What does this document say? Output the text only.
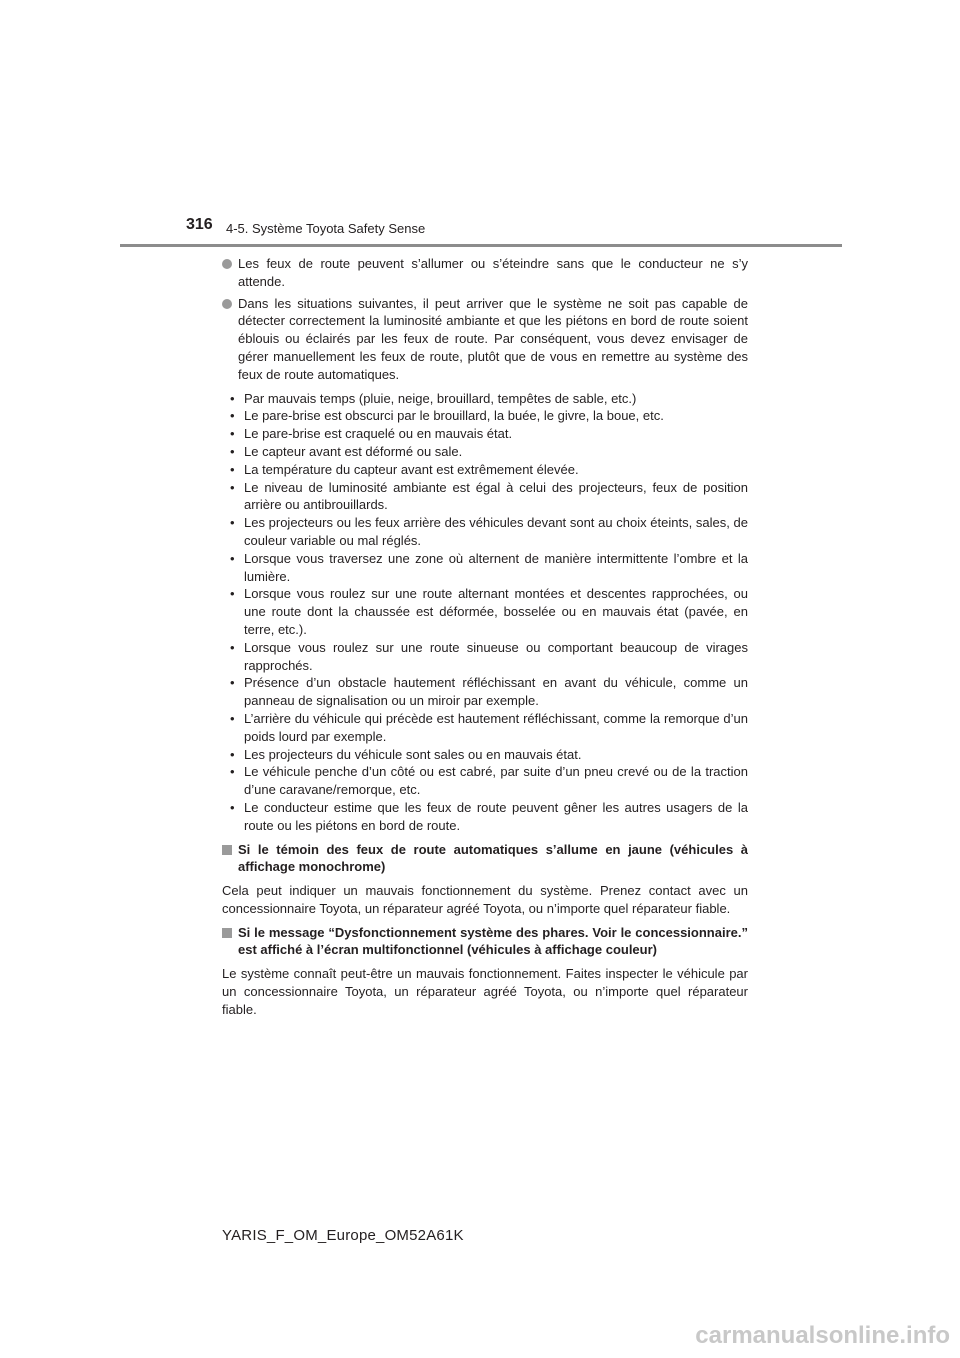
316 4-5. Système Toyota Safety Sense

Les feux de route peuvent s’allumer ou s’éteindre sans que le conducteur ne s’y attende.

Dans les situations suivantes, il peut arriver que le système ne soit pas capable de détecter correctement la luminosité ambiante et que les piétons en bord de route soient éblouis ou éclairés par les feux de route. Par conséquent, vous devez envisager de gérer manuellement les feux de route, plutôt que de vous en remettre au système des feux de route automatiques.

• Par mauvais temps (pluie, neige, brouillard, tempêtes de sable, etc.)
• Le pare-brise est obscurci par le brouillard, la buée, le givre, la boue, etc.
• Le pare-brise est craquelé ou en mauvais état.
• Le capteur avant est déformé ou sale.
• La température du capteur avant est extrêmement élevée.
• Le niveau de luminosité ambiante est égal à celui des projecteurs, feux de position arrière ou antibrouillards.
• Les projecteurs ou les feux arrière des véhicules devant sont au choix éteints, sales, de couleur variable ou mal réglés.
• Lorsque vous traversez une zone où alternent de manière intermittente l’ombre et la lumière.
• Lorsque vous roulez sur une route alternant montées et descentes rapprochées, ou une route dont la chaussée est déformée, bosselée ou en mauvais état (pavée, en terre, etc.).
• Lorsque vous roulez sur une route sinueuse ou comportant beaucoup de virages rapprochés.
• Présence d’un obstacle hautement réfléchissant en avant du véhicule, comme un panneau de signalisation ou un miroir par exemple.
• L’arrière du véhicule qui précède est hautement réfléchissant, comme la remorque d’un poids lourd par exemple.
• Les projecteurs du véhicule sont sales ou en mauvais état.
• Le véhicule penche d’un côté ou est cabré, par suite d’un pneu crevé ou de la traction d’une caravane/remorque, etc.
• Le conducteur estime que les feux de route peuvent gêner les autres usagers de la route ou les piétons en bord de route.
Si le témoin des feux de route automatiques s’allume en jaune (véhicules à affichage monochrome)

Cela peut indiquer un mauvais fonctionnement du système. Prenez contact avec un concessionnaire Toyota, un réparateur agréé Toyota, ou n’importe quel réparateur fiable.

Si le message “Dysfonctionnement système des phares. Voir le concessionnaire.” est affiché à l’écran multifonctionnel (véhicules à affichage couleur)

Le système connaît peut-être un mauvais fonctionnement. Faites inspecter le véhicule par un concessionnaire Toyota, un réparateur agréé Toyota, ou n’importe quel réparateur fiable.

YARIS_F_OM_Europe_OM52A61K
carmanualsonline.info
